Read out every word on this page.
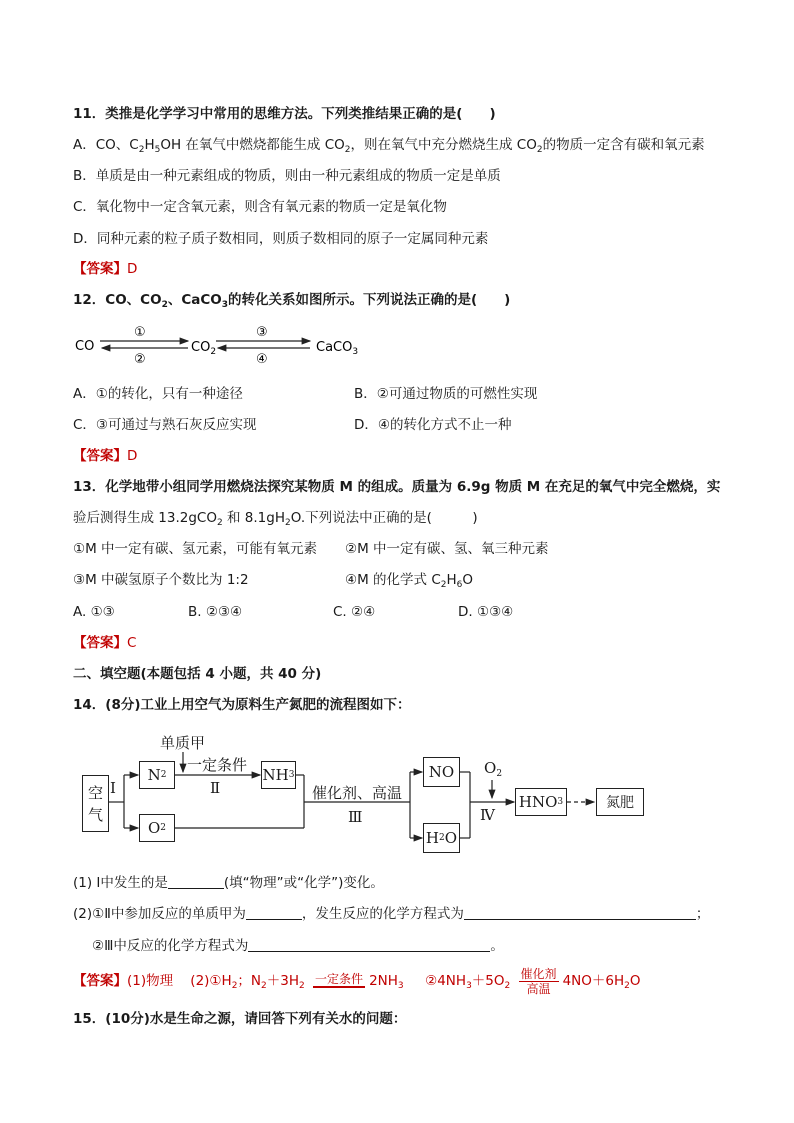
11．类推是化学学习中常用的思维方法。下列类推结果正确的是(　　)
A．CO、$C_2H_5OH$ 在氧气中燃烧都能生成 $CO_2$，则在氧气中充分燃烧生成 $CO_2$的物质一定含有碳和氧元素
B．单质是由一种元素组成的物质，则由一种元素组成的物质一定是单质
C．氧化物中一定含氧元素，则含有氧元素的物质一定是氧化物
D．同种元素的粒子质子数相同，则质子数相同的原子一定属同种元素
【答案】D
12．CO、$CO_2$、CaCO$_3$的转化关系如图所示。下列说法正确的是(　　)
CO
①
②
$CO_2$
③
④
CaCO$_3$
A．①的转化，只有一种途径	B．②可通过物质的可燃性实现
C．③可通过与熟石灰反应实现	D．④的转化方式不止一种
【答案】D
13．化学地带小组同学用燃烧法探究某物质 M 的组成。质量为 6.9g 物质 M 在充足的氧气中完全燃烧，实
验后测得生成 13.2gCO$_2$ 和 $8.1gH_2O$.下列说法中正确的是(　　　)
①M 中一定有碳、氢元素，可能有氧元素 ②M 中一定有碳、氢、氧三种元素
③M 中碳氢原子个数比为 1:2	④M 的化学式 $C_2H_6O$
A. ①③	B. ②③④	C. ②④	D. ①③④
【答案】C
二、填空题(本题包括 4 小题，共 40 分)
14．(8分)工业上用空气为原料生产氮肥的流程图如下：
空
气
Ⅰ
N 2
O 2
单质甲
一定条件
Ⅱ
NH 3
催化剂、高温
Ⅲ
NO
H 2 O
$O_2$
Ⅳ
HNO 3	氮肥
(1) Ⅰ中发生的是	(填“物理”或“化学”)变化。
(2)①Ⅱ中参加反应的单质甲为	，发生反应的化学方程式为	；
②Ⅲ中反应的化学方程式为	。
【答案】(1)物理 $(2)①H_2$；$N_2+3H_2$
一定条件 $2NH_3$ $②4NH_3+5O_2 \frac{\text{催化剂}}{\text{高温}} 4NO+6H_2O$
15．(10分)水是生命之源，请回答下列有关水的问题：
